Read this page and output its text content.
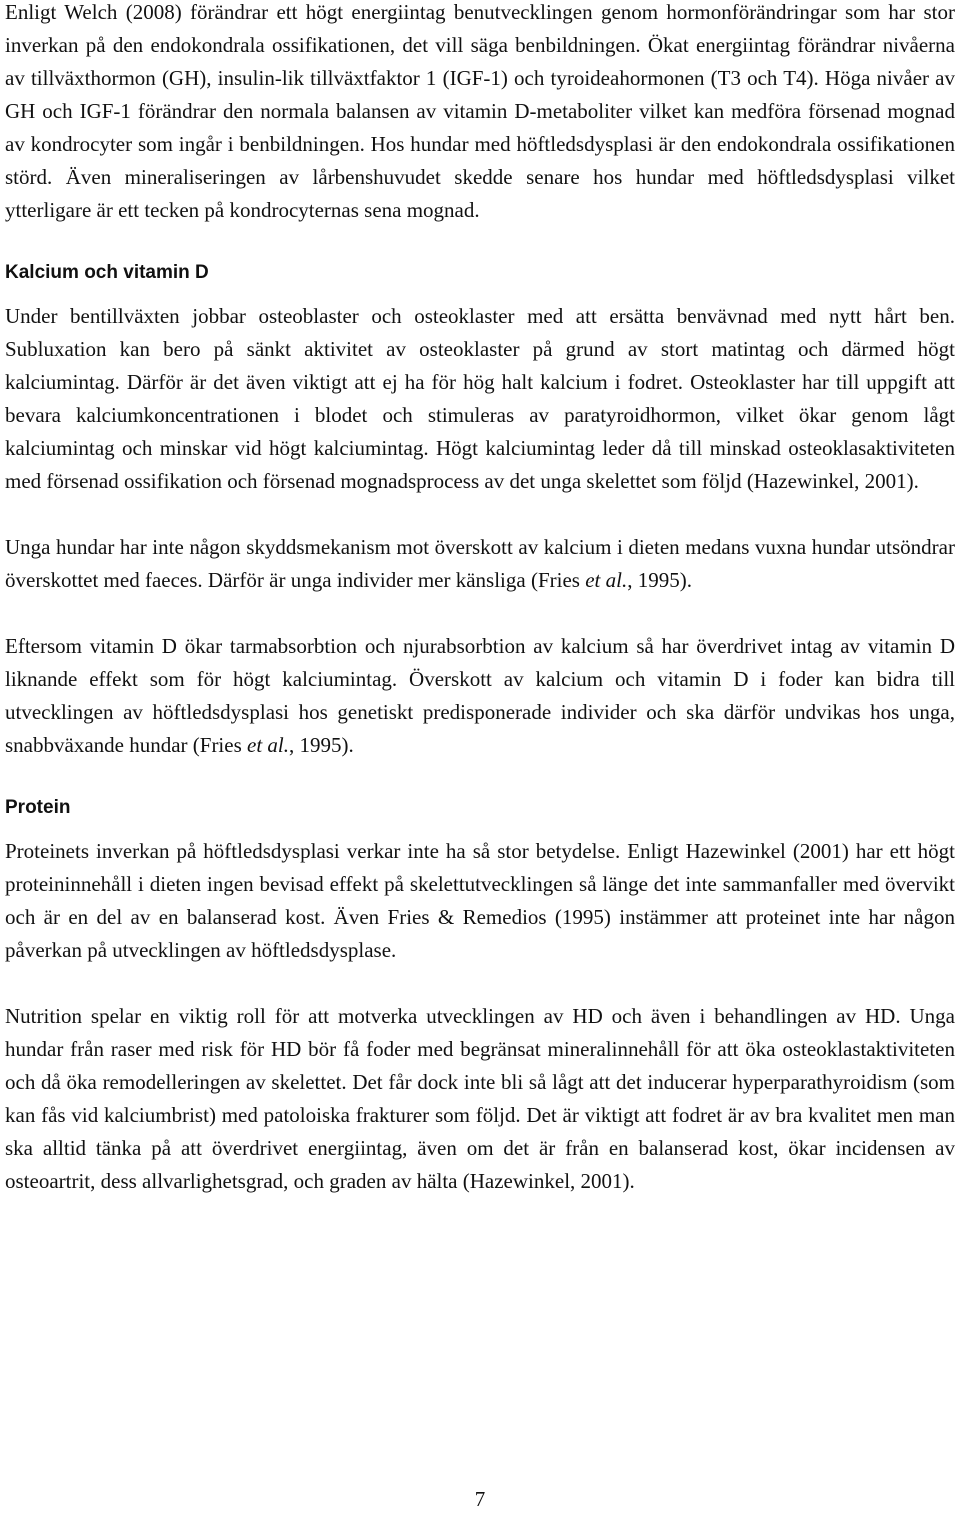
Enligt Welch (2008) förändrar ett högt energiintag benutvecklingen genom hormonförändringar som har stor inverkan på den endokondrala ossifikationen, det vill säga benbildningen. Ökat energiintag förändrar nivåerna av tillväxthormon (GH), insulin-lik tillväxtfaktor 1 (IGF-1) och tyroideahormonen (T3 och T4). Höga nivåer av GH och IGF-1 förändrar den normala balansen av vitamin D-metaboliter vilket kan medföra försenad mognad av kondrocyter som ingår i benbildningen. Hos hundar med höftledsdysplasi är den endokondrala ossifikationen störd. Även mineraliseringen av lårbenshuvudet skedde senare hos hundar med höftledsdysplasi vilket ytterligare är ett tecken på kondrocyternas sena mognad.

Kalcium och vitamin D

Under bentillväxten jobbar osteoblaster och osteoklaster med att ersätta benvävnad med nytt hårt ben. Subluxation kan bero på sänkt aktivitet av osteoklaster på grund av stort matintag och därmed högt kalciumintag. Därför är det även viktigt att ej ha för hög halt kalcium i fodret. Osteoklaster har till uppgift att bevara kalciumkoncentrationen i blodet och stimuleras av paratyroidhormon, vilket ökar genom lågt kalciumintag och minskar vid högt kalciumintag. Högt kalciumintag leder då till minskad osteoklasaktiviteten med försenad ossifikation och försenad mognadsprocess av det unga skelettet som följd (Hazewinkel, 2001).

Unga hundar har inte någon skyddsmekanism mot överskott av kalcium i dieten medans vuxna hundar utsöndrar överskottet med faeces. Därför är unga individer mer känsliga (Fries et al., 1995).

Eftersom vitamin D ökar tarmabsorbtion och njurabsorbtion av kalcium så har överdrivet intag av vitamin D liknande effekt som för högt kalciumintag. Överskott av kalcium och vitamin D i foder kan bidra till utvecklingen av höftledsdysplasi hos genetiskt predisponerade individer och ska därför undvikas hos unga, snabbväxande hundar (Fries et al., 1995).

Protein

Proteinets inverkan på höftledsdysplasi verkar inte ha så stor betydelse. Enligt Hazewinkel (2001) har ett högt proteininnehåll i dieten ingen bevisad effekt på skelettutvecklingen så länge det inte sammanfaller med övervikt och är en del av en balanserad kost. Även Fries & Remedios (1995) instämmer att proteinet inte har någon påverkan på utvecklingen av höftledsdysplase.

Nutrition spelar en viktig roll för att motverka utvecklingen av HD och även i behandlingen av HD. Unga hundar från raser med risk för HD bör få foder med begränsat mineralinnehåll för att öka osteoklastaktiviteten och då öka remodelleringen av skelettet. Det får dock inte bli så lågt att det inducerar hyperparathyroidism (som kan fås vid kalciumbrist) med patoloiska frakturer som följd. Det är viktigt att fodret är av bra kvalitet men man ska alltid tänka på att överdrivet energiintag, även om det är från en balanserad kost, ökar incidensen av osteoartrit, dess allvarlighetsgrad, och graden av hälta (Hazewinkel, 2001).

7
